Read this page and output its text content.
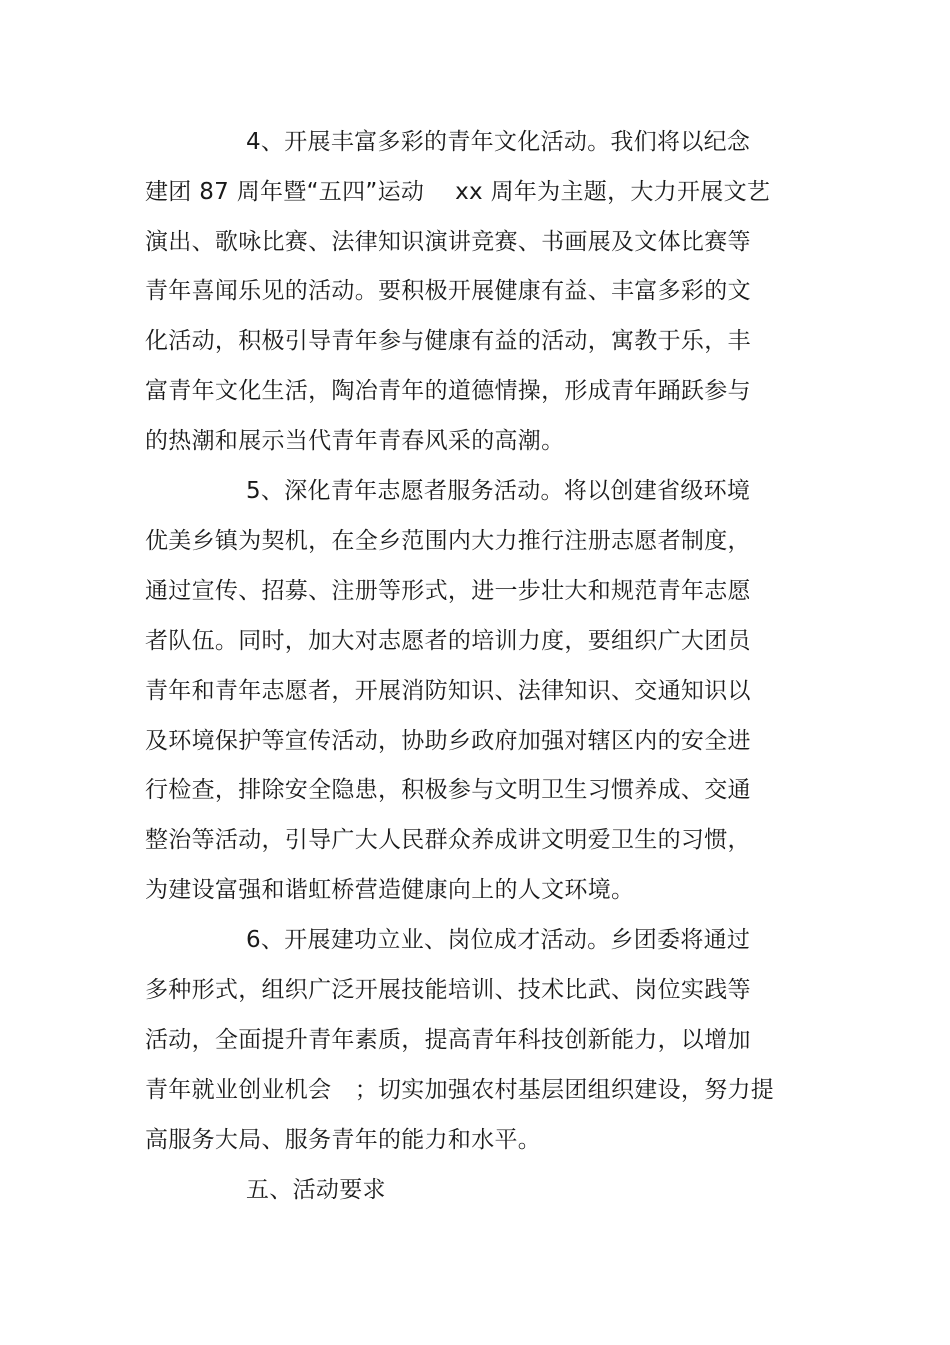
4、开展丰富多彩的青年文化活动。我们将以纪念
建团 87 周年暨“五四”运动　 xx 周年为主题，大力开展文艺
演出、歌咏比赛、法律知识演讲竞赛、书画展及文体比赛等
青年喜闻乐见的活动。要积极开展健康有益、丰富多彩的文
化活动，积极引导青年参与健康有益的活动，寓教于乐，丰
富青年文化生活，陶冶青年的道德情操，形成青年踊跃参与
的热潮和展示当代青年青春风采的高潮。
5、深化青年志愿者服务活动。将以创建省级环境
优美乡镇为契机，在全乡范围内大力推行注册志愿者制度，
通过宣传、招募、注册等形式，进一步壮大和规范青年志愿
者队伍。同时，加大对志愿者的培训力度，要组织广大团员
青年和青年志愿者，开展消防知识、法律知识、交通知识以
及环境保护等宣传活动，协助乡政府加强对辖区内的安全进
行检查，排除安全隐患，积极参与文明卫生习惯养成、交通
整治等活动，引导广大人民群众养成讲文明爱卫生的习惯，
为建设富强和谐虹桥营造健康向上的人文环境。
6、开展建功立业、岗位成才活动。乡团委将通过
多种形式，组织广泛开展技能培训、技术比武、岗位实践等
活动，全面提升青年素质，提高青年科技创新能力，以增加
青年就业创业机会　；切实加强农村基层团组织建设，努力提
高服务大局、服务青年的能力和水平。
五、活动要求
